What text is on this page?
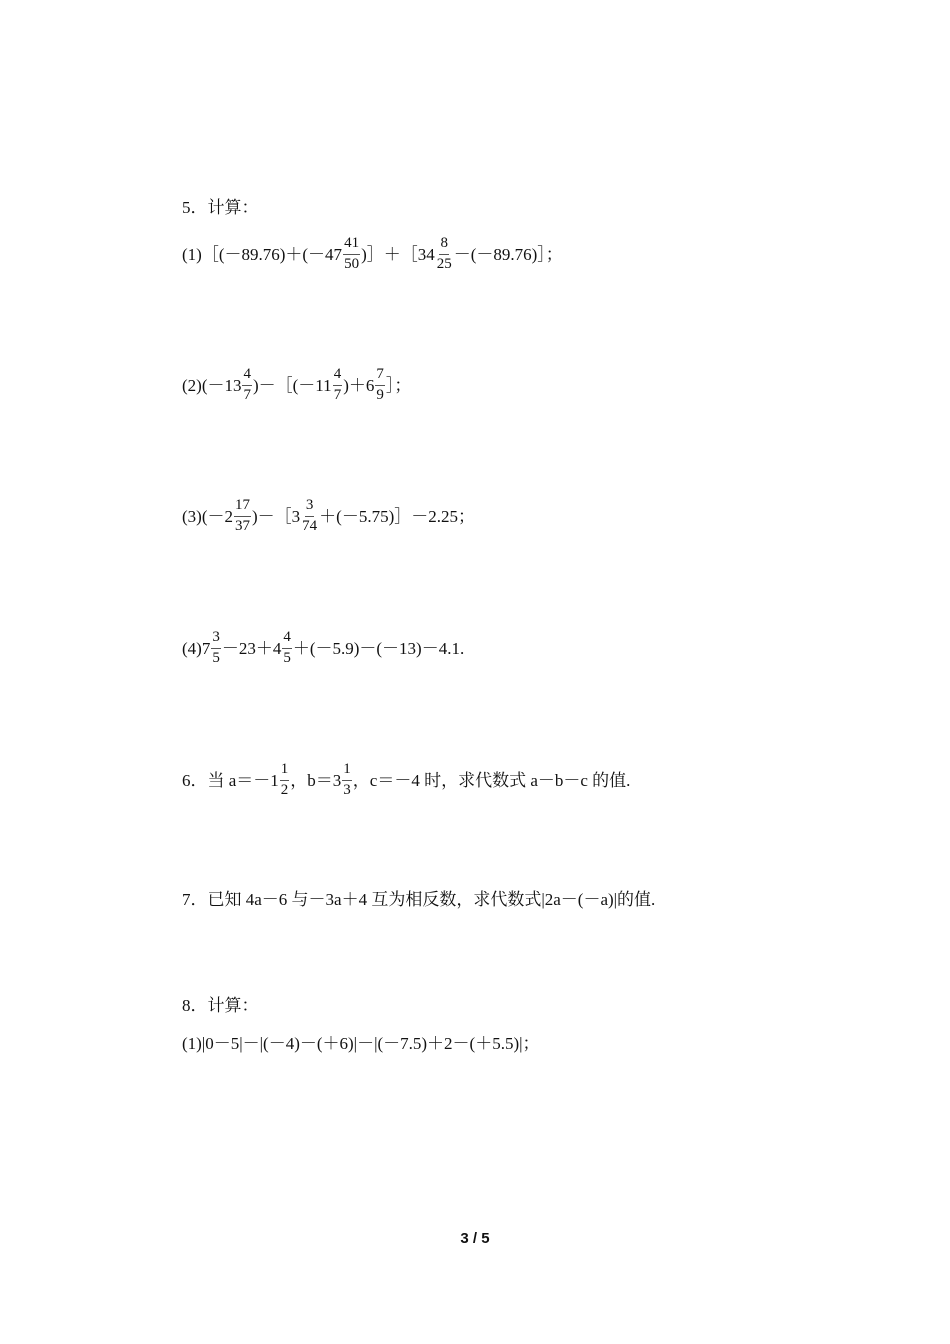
5．计算：
(1)［(－89.76)＋(－47 $\frac{41}{50}$ )］＋［34 $\frac{8}{25}$ －(－89.76)］；
$(2)(-13 \frac{4}{7}$ )－［(－11 $\frac{4}{7} )+6 \frac{7}{9}$ ］；
$(3)(-2 \frac{17}{37}$ )－［3 $\frac{3}{74}$ ＋(－5.75)］－2.25；
$(4)7 \frac{3}{5} -23+4 \frac{4}{5} +(-5.9)-(-13)-4.1$.
6．当 $a=-1 \frac{1}{2}$ ，$b=3 \frac{1}{3}$ ，c＝－4 时，求代数式 a－b－c 的值.
7．已知 4a－6 与－3a＋4 互为相反数，求代数式|2a－(－a)|的值.
8．计算：
(1)|0－5|－|(－4)－(＋6)|－|(－7.5)＋2－(＋5.5)|；
3 / 5
